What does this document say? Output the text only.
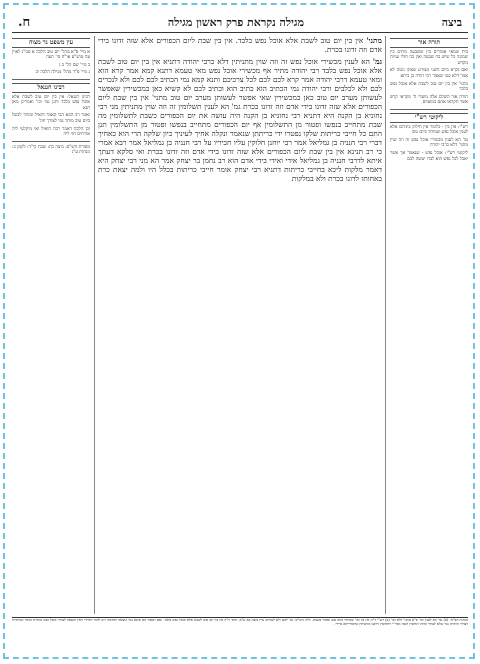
ביצה
מגילה נקראת פרק ראשון מגילה
ח.
תורה אור
בית שמאי אומרים בין ששבעה מתים בין שמונה כל שיש בה שבעה ואין בה חולי עניות מקדש
ואם נקרא ביום השני מצורע שאינו נוטה לא אמר דלא כמו שאמר רבי הודה בן ביתא
מתני' אין בין יום טוב לשבת אלא אוכל נפש בלבד
תורה אור השלם אלה מועדי ה' מקראי קדש אשר תקראו אתם במועדם
ליקוטי רש"י
רש"י: אין בין - כלומר אין חילוק ביניהם אלא לענין אוכל נפש שמותר ביום טוב
גמ' הא לענין מכשירי אוכל נפש זה וזה שוין מתני' דלא כרבי יהודה
ליקוטי רש"י: אוכל נפש - שנאמר אך אשר יאכל לכל נפש הוא לבדו יעשה לכם
מתני' אין בין יום טוב לשבת אלא אוכל נפש בלבד. אין בין שבת ליום הכפורים אלא שזה זדונו בידי אדם וזה זדונו בכרת.
גמ' הא לענין מכשירי אוכל נפש זה וזה שוין מתניתין דלא כרבי יהודה דתניא אין בין יום טוב לשבת אלא אוכל נפש בלבד רבי יהודה מתיר אף מכשירי אוכל נפש מאי טעמא דתנא קמא אמר קרא הוא ומאי טעמא דרבי יהודה אמר קרא לכם לכם לכל צרכיכם ותנא קמא נמי הכתיב לכם לכם ולא לנכרים לכם ולא לכלבים ורבי יהודה נמי הכתיב הוא כתיב הוא וכתיב לכם לא קשיא כאן במכשירין שאפשר לעשותן מערב יום טוב כאן במכשירין שאי אפשר לעשותן מערב יום טוב מתני' אין בין שבת ליום הכפורים אלא שזה זדונו בידי אדם וזה זדונו בכרת גמ' הא לענין תשלומין זה וזה שוין מתניתין מני רבי נחוניא בן הקנה היא דתניא רבי נחוניא בן הקנה היה עושה את יום הכפורים כשבת לתשלומין מה שבת מתחייב בנפשו ופטור מן התשלומין אף יום הכפורים מתחייב בנפשו ופטור מן התשלומין תנן התם כל חייבי כריתות שלקו נפטרו ידי כריתתן שנאמר ונקלה אחיך לעיניך כיון שלקה הרי הוא כאחיך דברי רבי חנניה בן גמליאל אמר רבי יוחנן חלוקין עליו חביריו על רבי חנניה בן גמליאל אמר רבא אמרי בי רב תנינא אין בין שבת ליום הכפורים אלא שזה זדונו בידי אדם וזה זדונו בכרת ואי סלקא דעתך איתא לדרבי חנניה בן גמליאל אידי ואידי בידי אדם הוא רב נחמן בר יצחק אמר הא מני רבי יצחק היא דאמר מלקות ליכא בחייבי כריתות דתניא רבי יצחק אומר חייבי כריתות בכלל היו ולמה יצאת כרת באחותו לדונו בכרת ולא במלקות
עין משפט נר מצוה
א מיי' פ"א מהל' יום טוב הלכה א סמ"ג לאוין עה טוש"ע או"ח סי' תצה
ב מיי' שם הל' ב ג
ג מיי' פ"ד מהל' מגילה הלכה יב
רבינו חננאל
רבינו חננאל: אין בין יום טוב לשבת אלא אוכל נפש בלבד ותנן נמי וכו' ואמרינן מאן תנא
ואמר רב הונא הכי קאמר הואיל ומותר לבשל ביום טוב מותר נמי לצורך חול
וכן הלכה דאמר רבה הואיל ואי מיקלעי ליה אורחים חזי ליה
מסורת הש"ס: ביצה כח: שבת קי"ד: לקמן כ: מנחות ע"ג
הגהות הב"ח: (א) גמ' הא לענין וכו' ס"א מתני' דלא וכו' (ב) רש"י ד"ה אין בין וכו' שמותר ביום טוב ואסור בשבת. גליון הש"ס: גמ' לכם ולא לנכרים עיין ביצה כא ע"א. תוס' ד"ה אין בין יום טוב לשבת אלא אוכל נפש בלבד. ואם תאמר הא איכא נמי הוצאה ותחומין ויש לומר דאיידי דאין הוצאה לצורך אוכל נפש מותרת מתוך שהותרה לצורך הותרה נמי שלא לצורך ומיהו תחומין קשה ואור"י דתחומין דרבנן ומתניתין בדאורייתא איירי.
